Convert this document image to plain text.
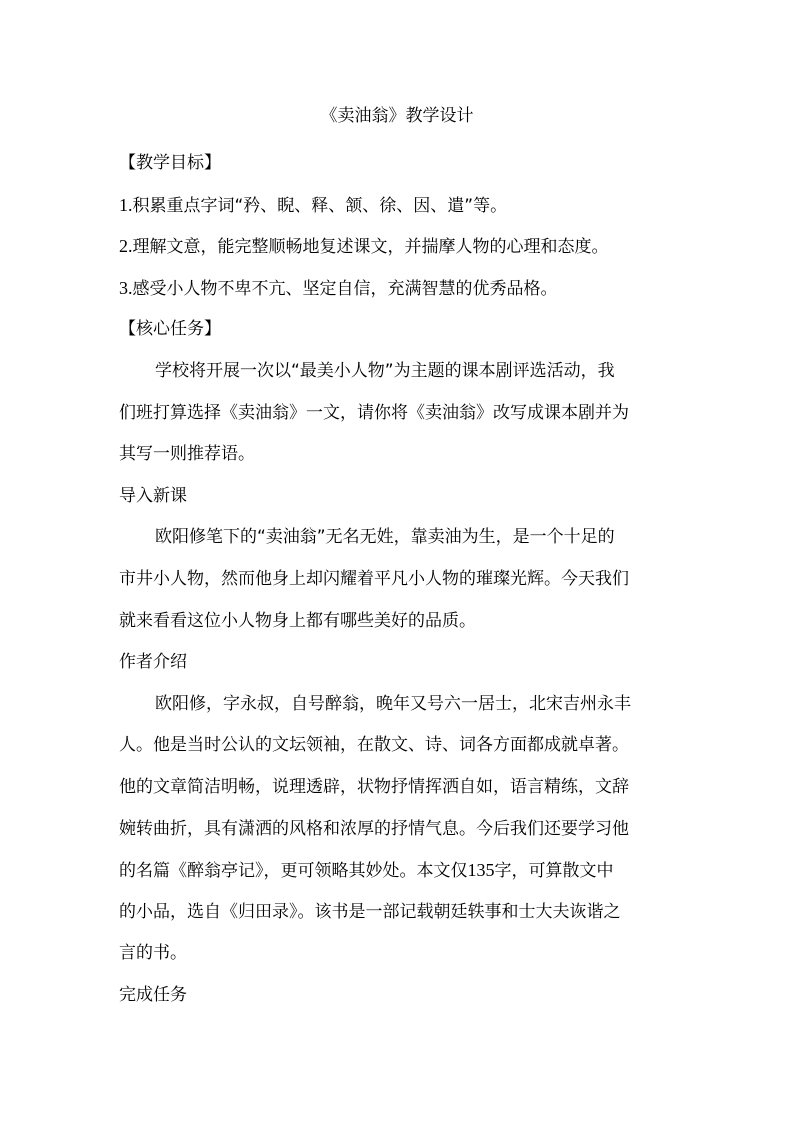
《卖油翁》教学设计
【教学目标】
1.积累重点字词“矜、睨、释、颔、徐、因、遣”等。
2.理解文意，能完整顺畅地复述课文，并揣摩人物的心理和态度。
3.感受小人物不卑不亢、坚定自信，充满智慧的优秀品格。
【核心任务】
学校将开展一次以“最美小人物”为主题的课本剧评选活动，我
们班打算选择《卖油翁》一文，请你将《卖油翁》改写成课本剧并为
其写一则推荐语。
导入新课
欧阳修笔下的“卖油翁”无名无姓，靠卖油为生，是一个十足的
市井小人物，然而他身上却闪耀着平凡小人物的璀璨光辉。今天我们
就来看看这位小人物身上都有哪些美好的品质。
作者介绍
欧阳修，字永叔，自号醉翁，晚年又号六一居士，北宋吉州永丰
人。他是当时公认的文坛领袖，在散文、诗、词各方面都成就卓著。
他的文章简洁明畅，说理透辟，状物抒情挥洒自如，语言精练，文辞
婉转曲折，具有潇洒的风格和浓厚的抒情气息。今后我们还要学习他
的名篇《醉翁亭记》，更可领略其妙处。本文仅135字，可算散文中
的小品，选自《归田录》。该书是一部记载朝廷轶事和士大夫诙谐之
言的书。
完成任务
